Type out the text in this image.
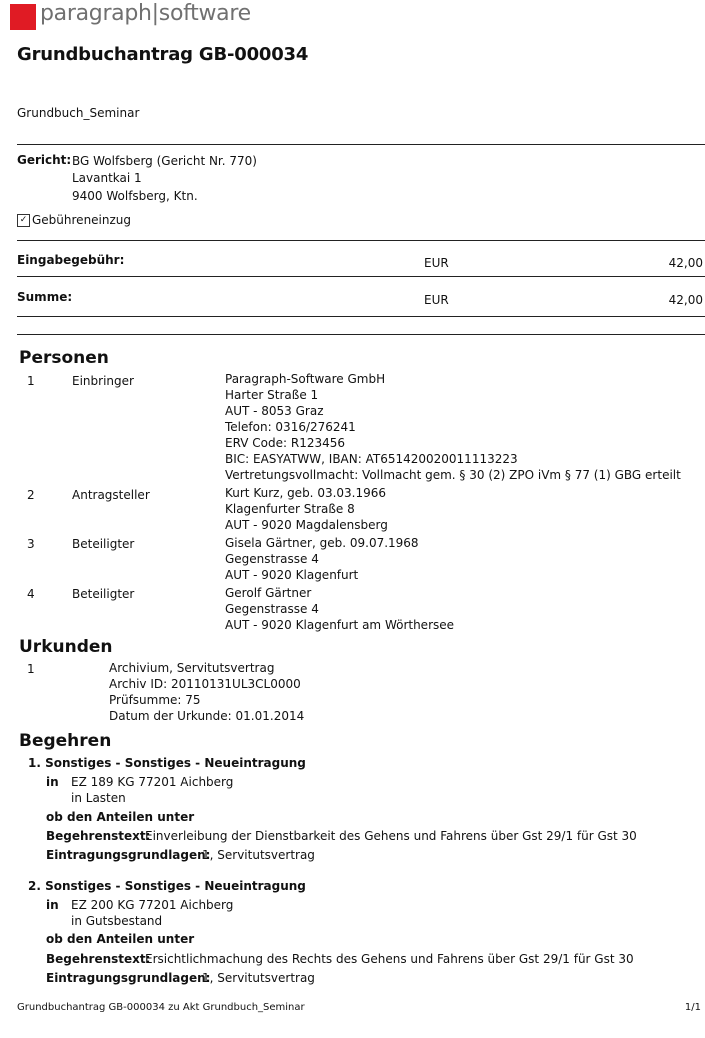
paragraph|software
Grundbuchantrag GB-000034
Grundbuch_Seminar
Gericht: BG Wolfsberg (Gericht Nr. 770)
Lavantkai 1
9400 Wolfsberg, Ktn.
✓ Gebühreneinzug
Eingabegebühr:	EUR	42,00
Summe:	EUR	42,00
Personen
1	Einbringer	Paragraph-Software GmbH
Harter Straße 1
AUT - 8053 Graz
Telefon: 0316/276241
ERV Code: R123456
BIC: EASYATWW, IBAN: AT651420020011113223
Vertretungsvollmacht: Vollmacht gem. § 30 (2) ZPO iVm § 77 (1) GBG erteilt
2	Antragsteller	Kurt Kurz, geb. 03.03.1966
Klagenfurter Straße 8
AUT - 9020 Magdalensberg
3	Beteiligter	Gisela Gärtner, geb. 09.07.1968
Gegenstrasse 4
AUT - 9020 Klagenfurt
4	Beteiligter	Gerolf Gärtner
Gegenstrasse 4
AUT - 9020 Klagenfurt am Wörthersee
Urkunden
1	Archivium, Servitutsvertrag
Archiv ID: 20110131UL3CL0000
Prüfsumme: 75
Datum der Urkunde: 01.01.2014
Begehren
1. Sonstiges - Sonstiges - Neueintragung
in EZ 189 KG 77201 Aichberg
in Lasten
ob den Anteilen unter
Begehrenstext:
Einverleibung der Dienstbarkeit des Gehens und Fahrens über Gst 29/1 für Gst 30
Eintragungsgrundlagen:
1, Servitutsvertrag
2. Sonstiges - Sonstiges - Neueintragung
in EZ 200 KG 77201 Aichberg
in Gutsbestand
ob den Anteilen unter
Begehrenstext:
Ersichtlichmachung des Rechts des Gehens und Fahrens über Gst 29/1 für Gst 30
Eintragungsgrundlagen:
1, Servitutsvertrag
Grundbuchantrag GB-000034 zu Akt Grundbuch_Seminar	1/1
